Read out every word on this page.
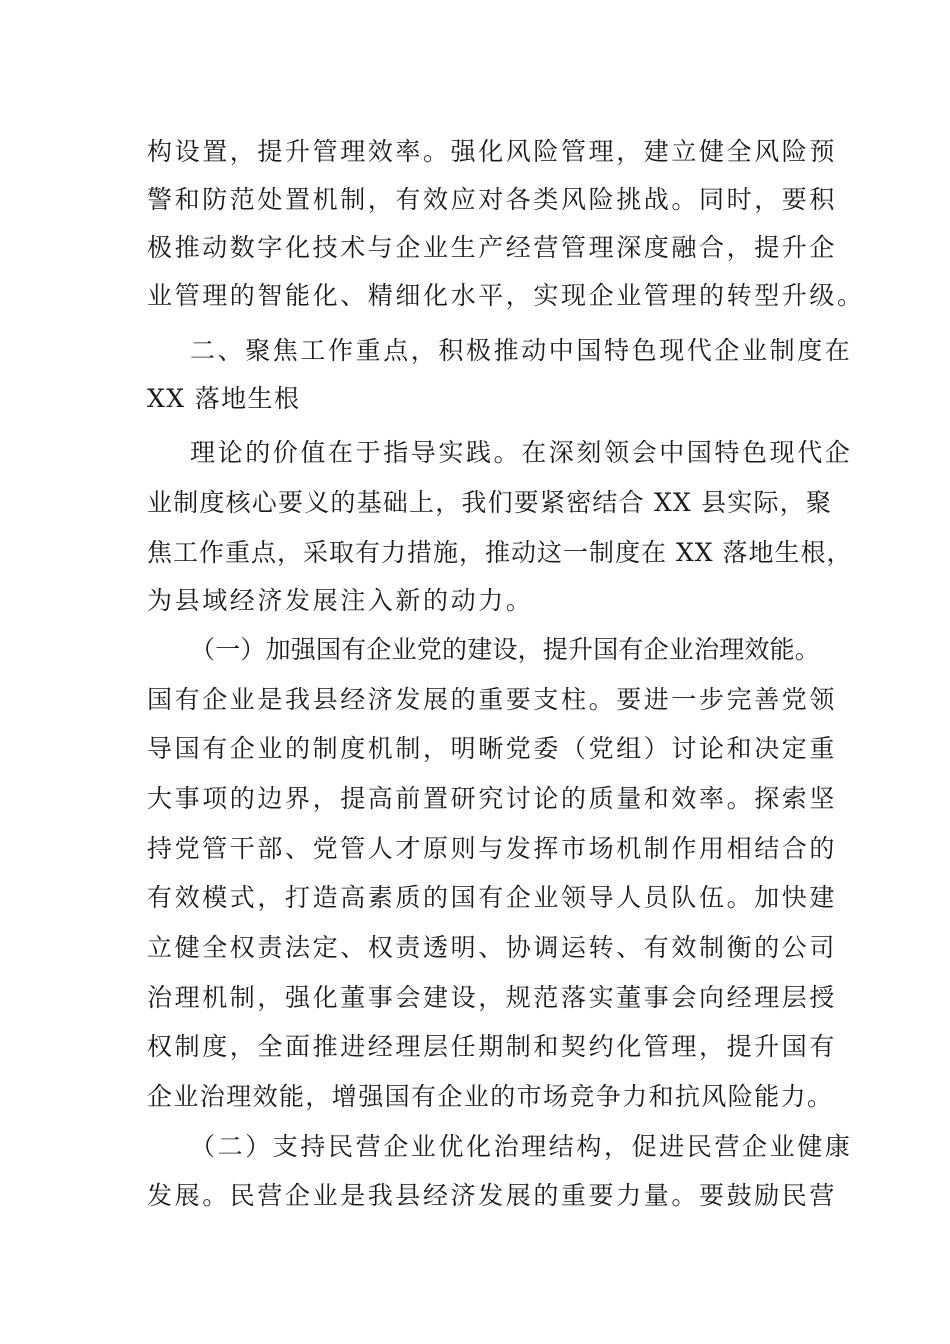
构设置，提升管理效率。强化风险管理，建立健全风险预
警和防范处置机制，有效应对各类风险挑战。同时，要积
极推动数字化技术与企业生产经营管理深度融合，提升企
业管理的智能化、精细化水平，实现企业管理的转型升级。
二、聚焦工作重点，积极推动中国特色现代企业制度在
XX 落地生根
理论的价值在于指导实践。在深刻领会中国特色现代企
业制度核心要义的基础上，我们要紧密结合 XX 县实际，聚
焦工作重点，采取有力措施，推动这一制度在 XX 落地生根，
为县域经济发展注入新的动力。
（一）加强国有企业党的建设，提升国有企业治理效能。
国有企业是我县经济发展的重要支柱。要进一步完善党领
导国有企业的制度机制，明晰党委（党组）讨论和决定重
大事项的边界，提高前置研究讨论的质量和效率。探索坚
持党管干部、党管人才原则与发挥市场机制作用相结合的
有效模式，打造高素质的国有企业领导人员队伍。加快建
立健全权责法定、权责透明、协调运转、有效制衡的公司
治理机制，强化董事会建设，规范落实董事会向经理层授
权制度，全面推进经理层任期制和契约化管理，提升国有
企业治理效能，增强国有企业的市场竞争力和抗风险能力。
（二）支持民营企业优化治理结构，促进民营企业健康
发展。民营企业是我县经济发展的重要力量。要鼓励民营
